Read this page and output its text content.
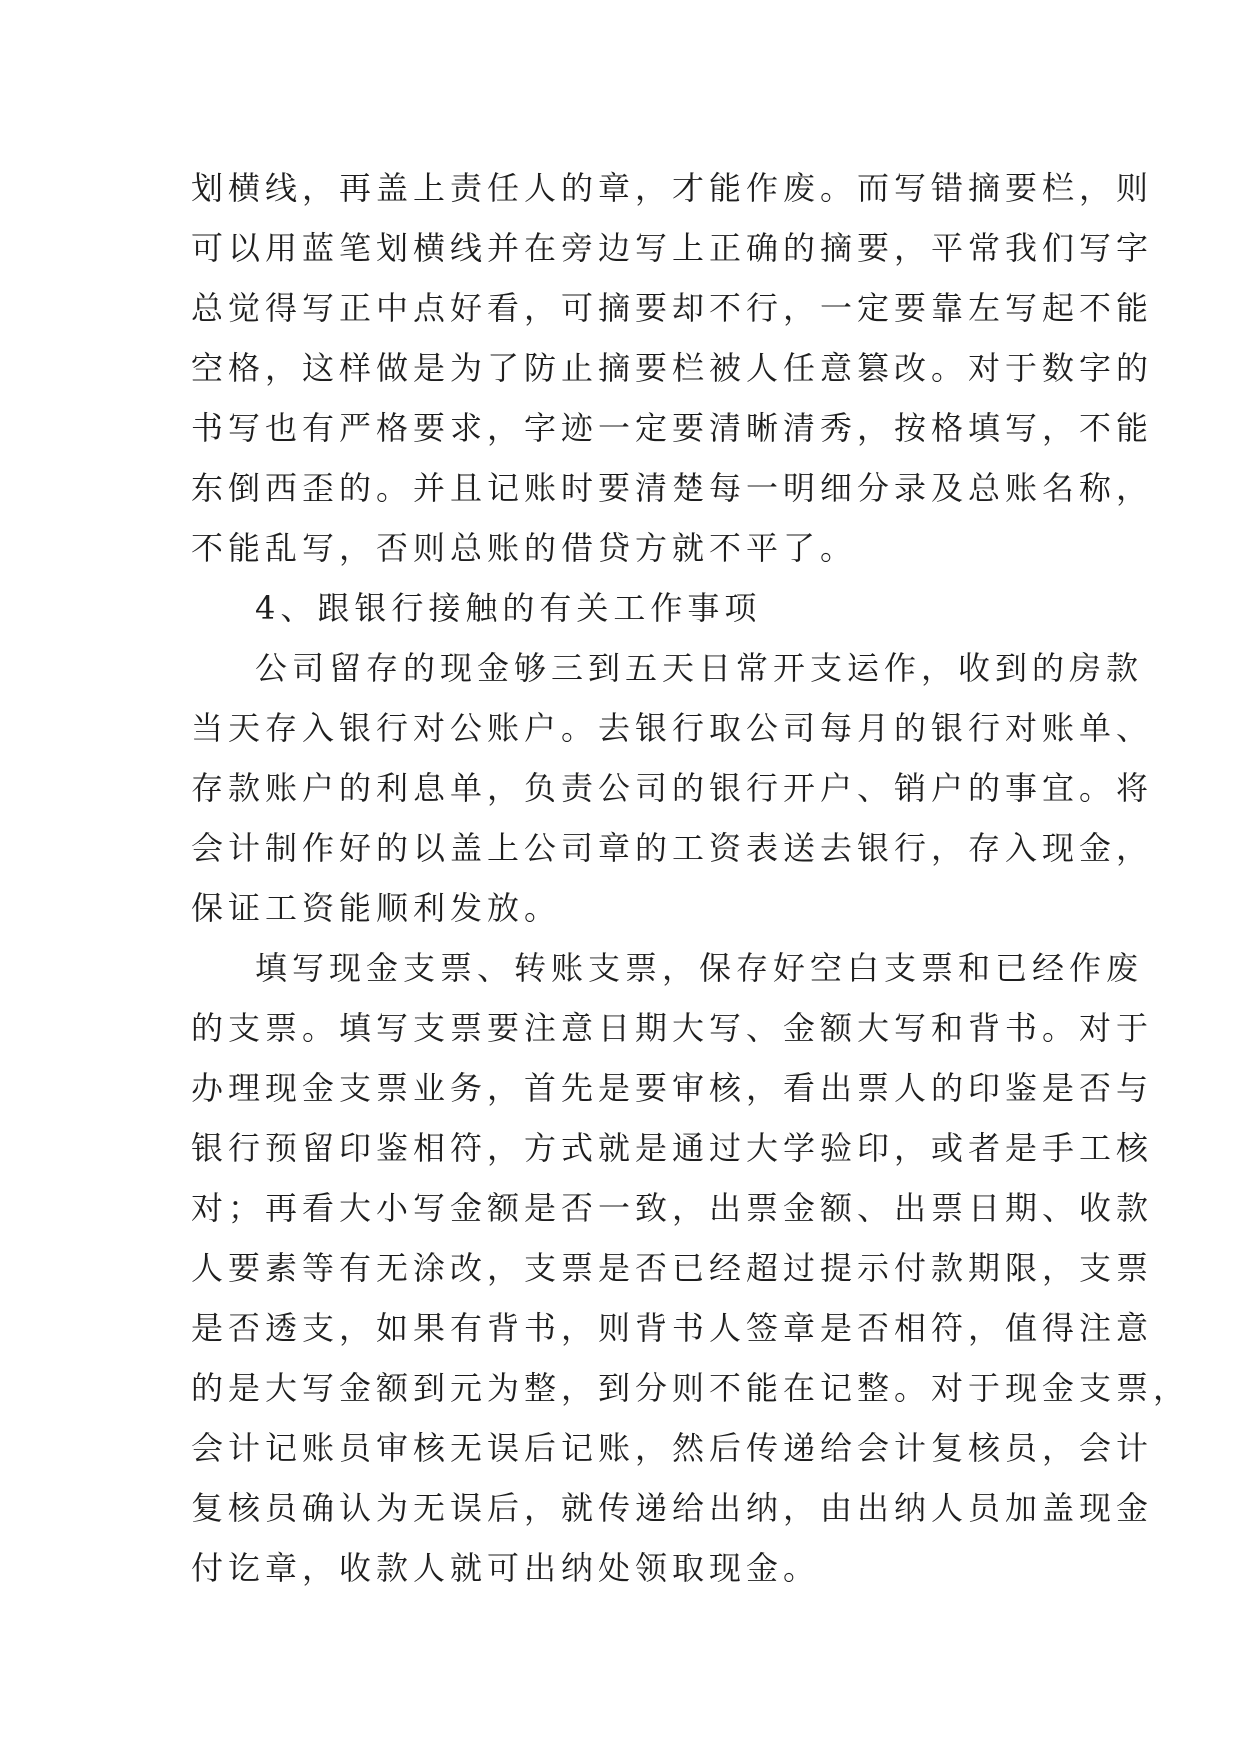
划横线，再盖上责任人的章，才能作废。而写错摘要栏，则
可以用蓝笔划横线并在旁边写上正确的摘要，平常我们写字
总觉得写正中点好看，可摘要却不行，一定要靠左写起不能
空格，这样做是为了防止摘要栏被人任意篡改。对于数字的
书写也有严格要求，字迹一定要清晰清秀，按格填写，不能
东倒西歪的。并且记账时要清楚每一明细分录及总账名称，
不能乱写，否则总账的借贷方就不平了。
4、跟银行接触的有关工作事项
公司留存的现金够三到五天日常开支运作，收到的房款
当天存入银行对公账户。去银行取公司每月的银行对账单、
存款账户的利息单，负责公司的银行开户、销户的事宜。将
会计制作好的以盖上公司章的工资表送去银行，存入现金，
保证工资能顺利发放。
填写现金支票、转账支票，保存好空白支票和已经作废
的支票。填写支票要注意日期大写、金额大写和背书。对于
办理现金支票业务，首先是要审核，看出票人的印鉴是否与
银行预留印鉴相符，方式就是通过大学验印，或者是手工核
对；再看大小写金额是否一致，出票金额、出票日期、收款
人要素等有无涂改，支票是否已经超过提示付款期限，支票
是否透支，如果有背书，则背书人签章是否相符，值得注意
的是大写金额到元为整，到分则不能在记整。对于现金支票，
会计记账员审核无误后记账，然后传递给会计复核员，会计
复核员确认为无误后，就传递给出纳，由出纳人员加盖现金
付讫章，收款人就可出纳处领取现金。
